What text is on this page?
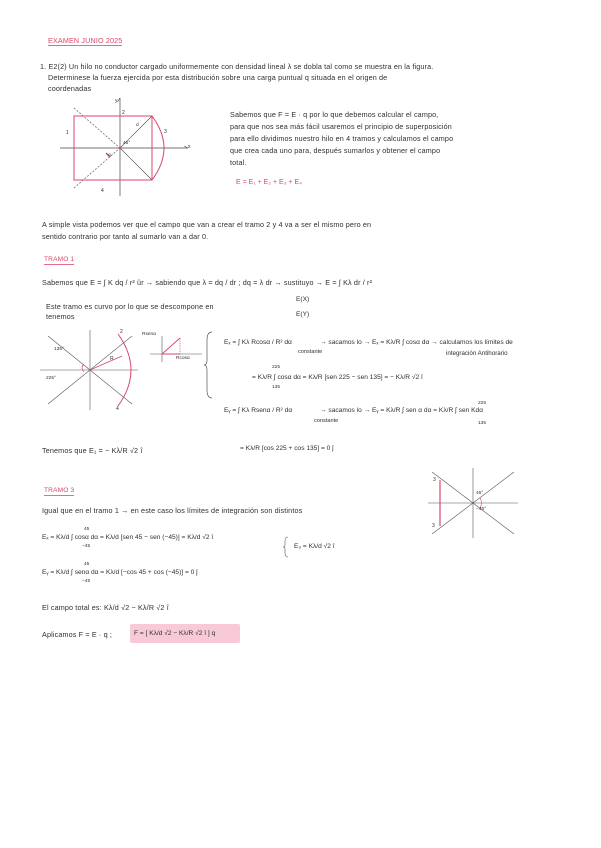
EXAMEN JUNIO 2025
1. E2(2) Un hilo no conductor cargado uniformemente con densidad lineal λ se dobla tal como se muestra en la figura.
Determinese la fuerza ejercida por esta distribución sobre una carga puntual q situada en el origen de
coordenadas
y
x
2
1	3
4
45°
q
d
Sabemos que F = E · q por lo que debemos calcular el campo,
para que nos sea más fácil usaremos el principio de superposición
para ello dividimos nuestro hilo en 4 tramos y calculamos el campo
que crea cada uno para, después sumarlos y obtener el campo
total.
E = E₁ + E₂ + E₃ + E₄
A simple vista podemos ver que el campo que van a crear el tramo 2 y 4 va a ser el mismo pero en
sentido contrario por tanto al sumarlo van a dar 0.
TRAMO 1
Sabemos que E = ∫ K dq / r² ûr → sabiendo que λ = dq / dr ; dq = λ dr → sustituyo → E = ∫ Kλ dr / r²
Este tramo es curvo por lo que se descompone en
tenemos
E(X)
E(Y)
135°
225°
R
2
4
Rsenα
Rcosα
Eₓ = ∫ Kλ Rcosα / R² dα	→ sacamos lo → Eₓ = Kλ/R ∫ cosα dα → calculamos los límites de
constante	integración Antihorario
= Kλ/R ∫ cosα dα = Kλ/R [sen 225 − sen 135] = − Kλ/R √2 î
225
135
Eᵧ = ∫ Kλ Rsenα / R² dα	→ sacamos lo → Eᵧ = Kλ/R ∫ sen α dα = Kλ/R ∫ sen Kdα
constante
225
135
= Kλ/R [cos 225 + cos 135] = 0 ĵ
Tenemos que E₁ = − Kλ/R √2 î
TRAMO 3
Igual que en el tramo 1 → en este caso los límites de integración son distintos
45°
−45°
3
3
Eₓ = Kλ/d ∫ cosα dα = Kλ/d [sen 45 − sen (−45)] = Kλ/d √2 î
45
−45
Eᵧ = Kλ/d ∫ senα dα = Kλ/d [−cos 45 + cos (−45)] = 0 ĵ
45
−45
E₃ = Kλ/d √2 î
El campo total es: Kλ/d √2 − Kλ/R √2 î
Aplicamos F = E · q ;	F = [ Kλ/d √2 − Kλ/R √2 î ] q
